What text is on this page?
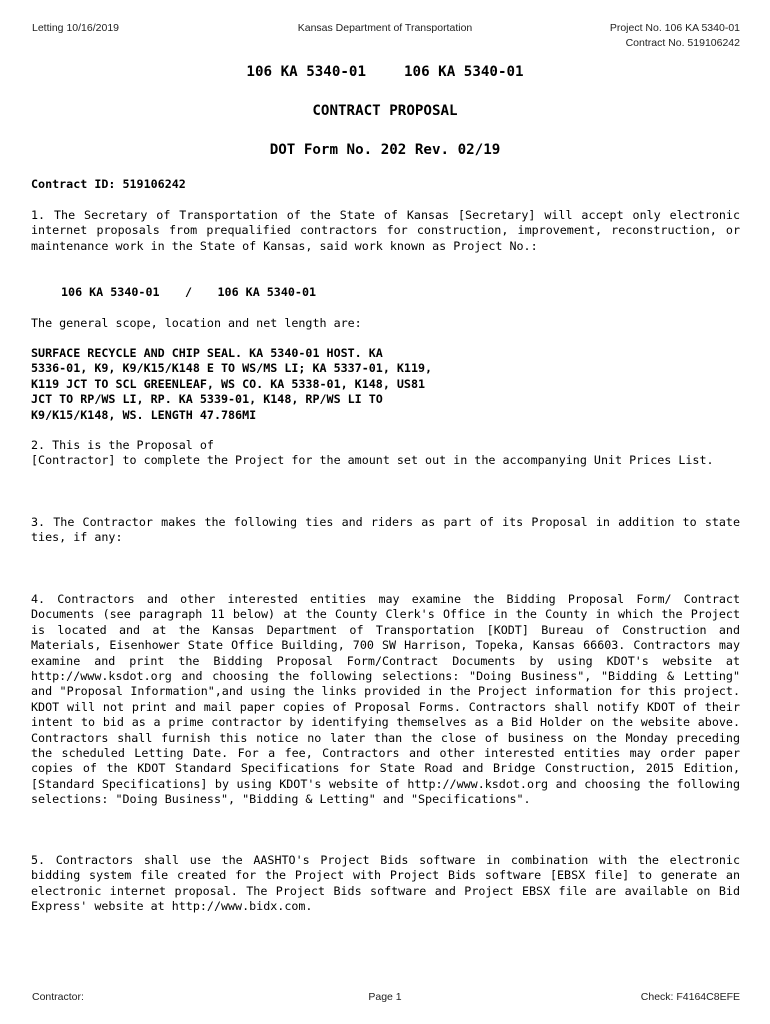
Letting 10/16/2019	Kansas Department of Transportation	Project No. 106 KA 5340-01
Contract No. 519106242
106 KA 5340-01	106 KA 5340-01
CONTRACT PROPOSAL
DOT Form No. 202 Rev. 02/19
Contract ID: 519106242
1. The Secretary of Transportation of the State of Kansas [Secretary] will accept only electronic internet proposals from prequalified contractors for construction, improvement, reconstruction, or maintenance work in the State of Kansas, said work known as Project No.:
106 KA 5340-01 / 106 KA 5340-01
The general scope, location and net length are:
SURFACE RECYCLE AND CHIP SEAL. KA 5340-01 HOST. KA
5336-01, K9, K9/K15/K148 E TO WS/MS LI; KA 5337-01, K119,
K119 JCT TO SCL GREENLEAF, WS CO. KA 5338-01, K148, US81
JCT TO RP/WS LI, RP. KA 5339-01, K148, RP/WS LI TO
K9/K15/K148, WS. LENGTH 47.786MI
2. This is the Proposal of
[Contractor] to complete the Project for the amount set out in the accompanying Unit Prices List.
3. The Contractor makes the following ties and riders as part of its Proposal in addition to state ties, if any:
4. Contractors and other interested entities may examine the Bidding Proposal Form/ Contract Documents (see paragraph 11 below) at the County Clerk's Office in the County in which the Project is located and at the Kansas Department of Transportation [KODT] Bureau of Construction and Materials, Eisenhower State Office Building, 700 SW Harrison, Topeka, Kansas 66603. Contractors may examine and print the Bidding Proposal Form/Contract Documents by using KDOT's website at http://www.ksdot.org and choosing the following selections: "Doing Business", "Bidding & Letting" and "Proposal Information",and using the links provided in the Project information for this project. KDOT will not print and mail paper copies of Proposal Forms. Contractors shall notify KDOT of their intent to bid as a prime contractor by identifying themselves as a Bid Holder on the website above. Contractors shall furnish this notice no later than the close of business on the Monday preceding the scheduled Letting Date. For a fee, Contractors and other interested entities may order paper copies of the KDOT Standard Specifications for State Road and Bridge Construction, 2015 Edition, [Standard Specifications] by using KDOT's website of http://www.ksdot.org and choosing the following selections: "Doing Business", "Bidding & Letting" and "Specifications".
5. Contractors shall use the AASHTO's Project Bids software in combination with the electronic bidding system file created for the Project with Project Bids software [EBSX file] to generate an electronic internet proposal. The Project Bids software and Project EBSX file are available on Bid Express' website at http://www.bidx.com.
Contractor:	Page 1	Check: F4164C8EFE
